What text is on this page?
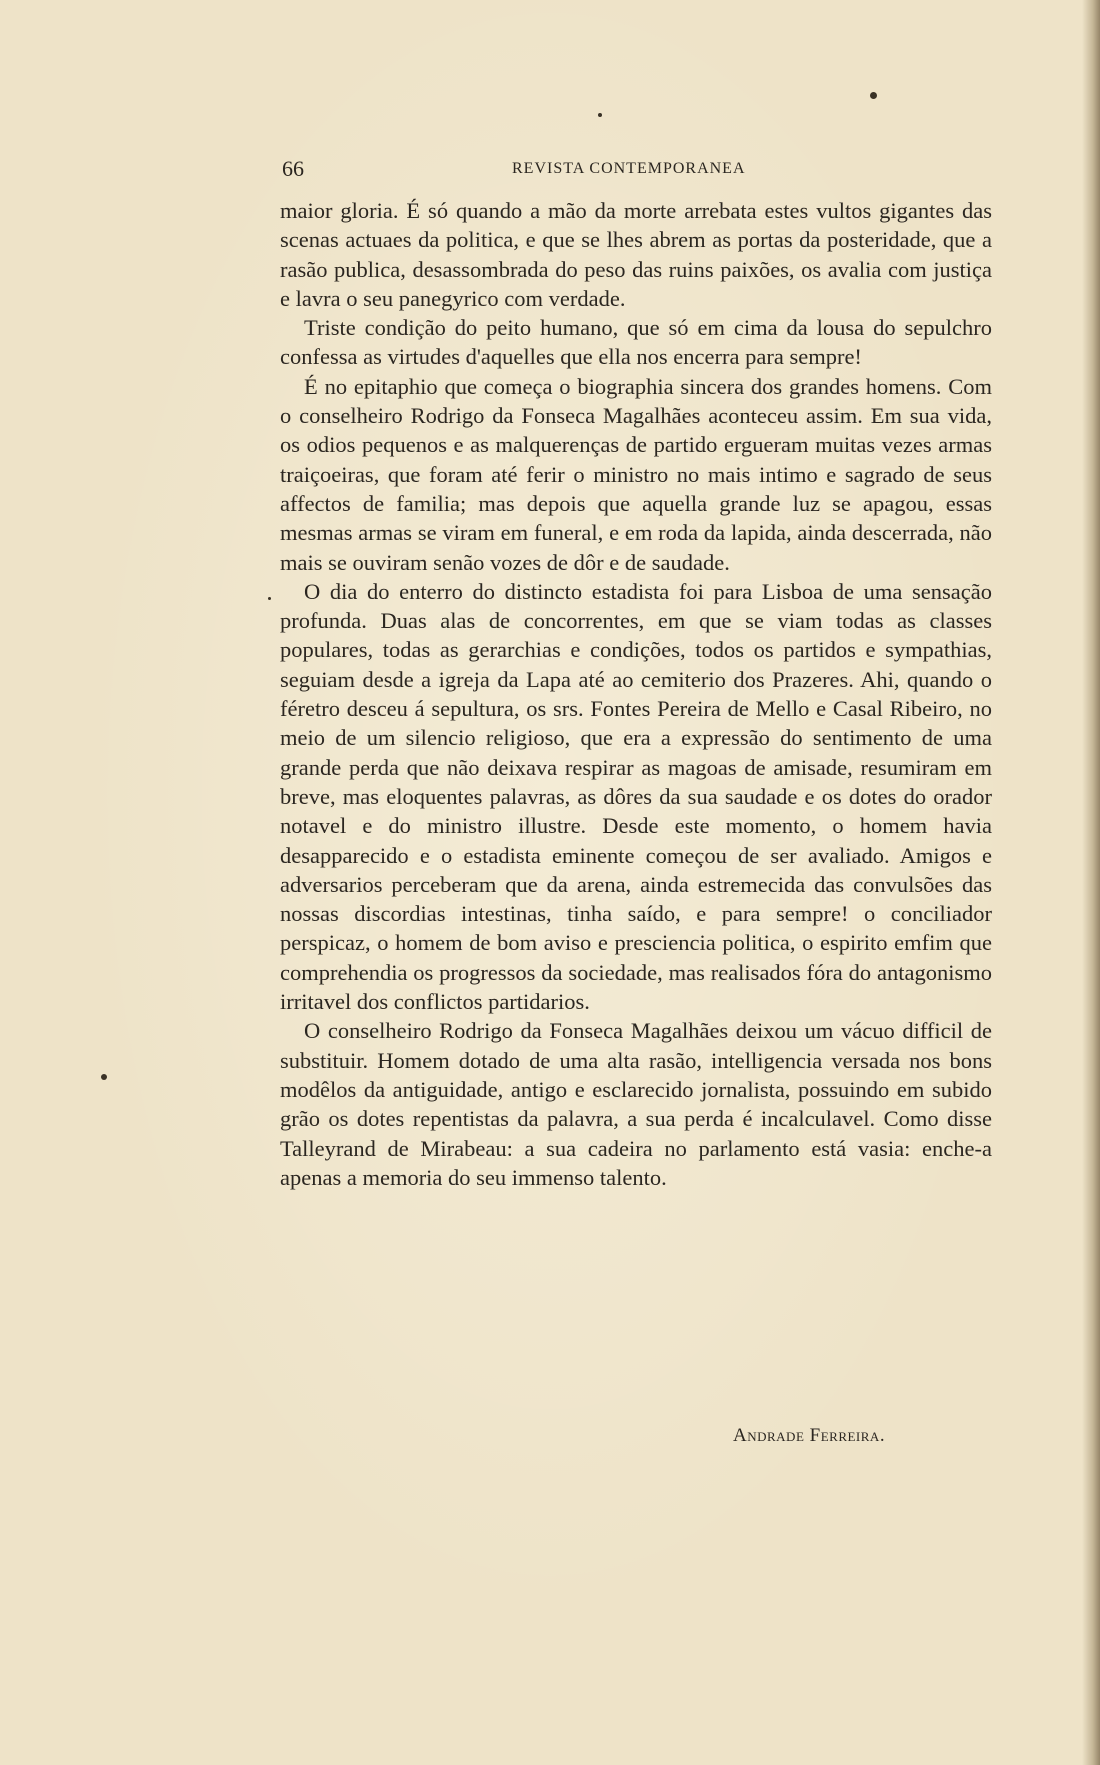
66	REVISTA CONTEMPORANEA

maior gloria. É só quando a mão da morte arrebata estes vultos gigantes das scenas actuaes da politica, e que se lhes abrem as portas da posteridade, que a rasão publica, desassombrada do peso das ruins paixões, os avalia com justiça e lavra o seu panegyrico com verdade.

Triste condição do peito humano, que só em cima da lousa do sepulchro confessa as virtudes d'aquelles que ella nos encerra para sempre!

É no epitaphio que começa o biographia sincera dos grandes homens. Com o conselheiro Rodrigo da Fonseca Magalhães aconteceu assim. Em sua vida, os odios pequenos e as malquerenças de partido ergueram muitas vezes armas traiçoeiras, que foram até ferir o ministro no mais intimo e sagrado de seus affectos de familia; mas depois que aquella grande luz se apagou, essas mesmas armas se viram em funeral, e em roda da lapida, ainda descerrada, não mais se ouviram senão vozes de dôr e de saudade.

O dia do enterro do distincto estadista foi para Lisboa de uma sensação profunda. Duas alas de concorrentes, em que se viam todas as classes populares, todas as gerarchias e condições, todos os partidos e sympathias, seguiam desde a igreja da Lapa até ao cemiterio dos Prazeres. Ahi, quando o féretro desceu á sepultura, os srs. Fontes Pereira de Mello e Casal Ribeiro, no meio de um silencio religioso, que era a expressão do sentimento de uma grande perda que não deixava respirar as magoas de amisade, resumiram em breve, mas eloquentes palavras, as dôres da sua saudade e os dotes do orador notavel e do ministro illustre. Desde este momento, o homem havia desapparecido e o estadista eminente começou de ser avaliado. Amigos e adversarios perceberam que da arena, ainda estremecida das convulsões das nossas discordias intestinas, tinha saído, e para sempre! o conciliador perspicaz, o homem de bom aviso e presciencia politica, o espirito emfim que comprehendia os progressos da sociedade, mas realisados fóra do antagonismo irritavel dos conflictos partidarios.

O conselheiro Rodrigo da Fonseca Magalhães deixou um vácuo difficil de substituir. Homem dotado de uma alta rasão, intelligencia versada nos bons modêlos da antiguidade, antigo e esclarecido jornalista, possuindo em subido grão os dotes repentistas da palavra, a sua perda é incalculavel. Como disse Talleyrand de Mirabeau: a sua cadeira no parlamento está vasia: enche-a apenas a memoria do seu immenso talento.

Andrade Ferreira.
